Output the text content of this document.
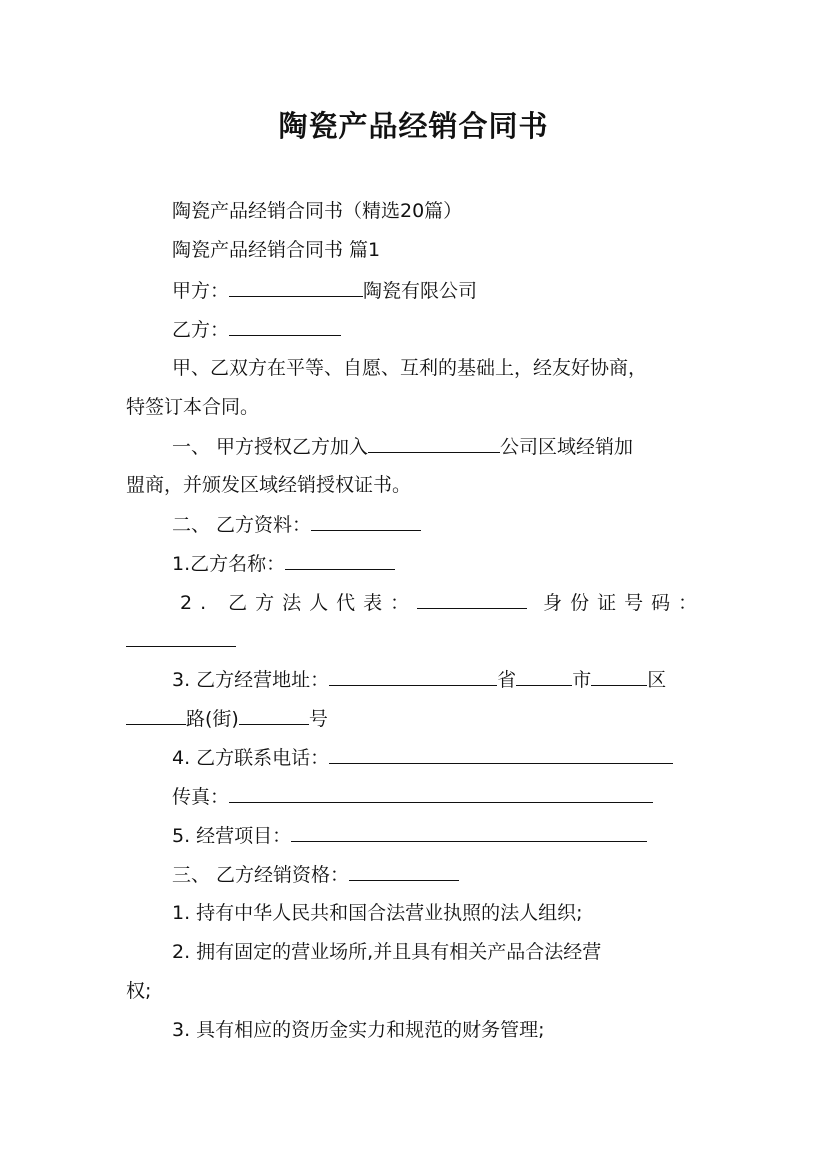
陶瓷产品经销合同书
陶瓷产品经销合同书（精选20篇）
陶瓷产品经销合同书 篇1
甲方：	陶瓷有限公司
乙方：
甲、乙双方在平等、自愿、互利的基础上，经友好协商，
特签订本合同。
一、 甲方授权乙方加入	公司区域经销加
盟商，并颁发区域经销授权证书。
二、 乙方资料：
1.乙方名称：
2. 乙方法人代表：	身份证号码：
3. 乙方经营地址：	省	市	区
路(街)	号
4. 乙方联系电话：
传真：
5. 经营项目：
三、 乙方经销资格：
1. 持有中华人民共和国合法营业执照的法人组织;
2. 拥有固定的营业场所,并且具有相关产品合法经营
权;
3. 具有相应的资历金实力和规范的财务管理;
